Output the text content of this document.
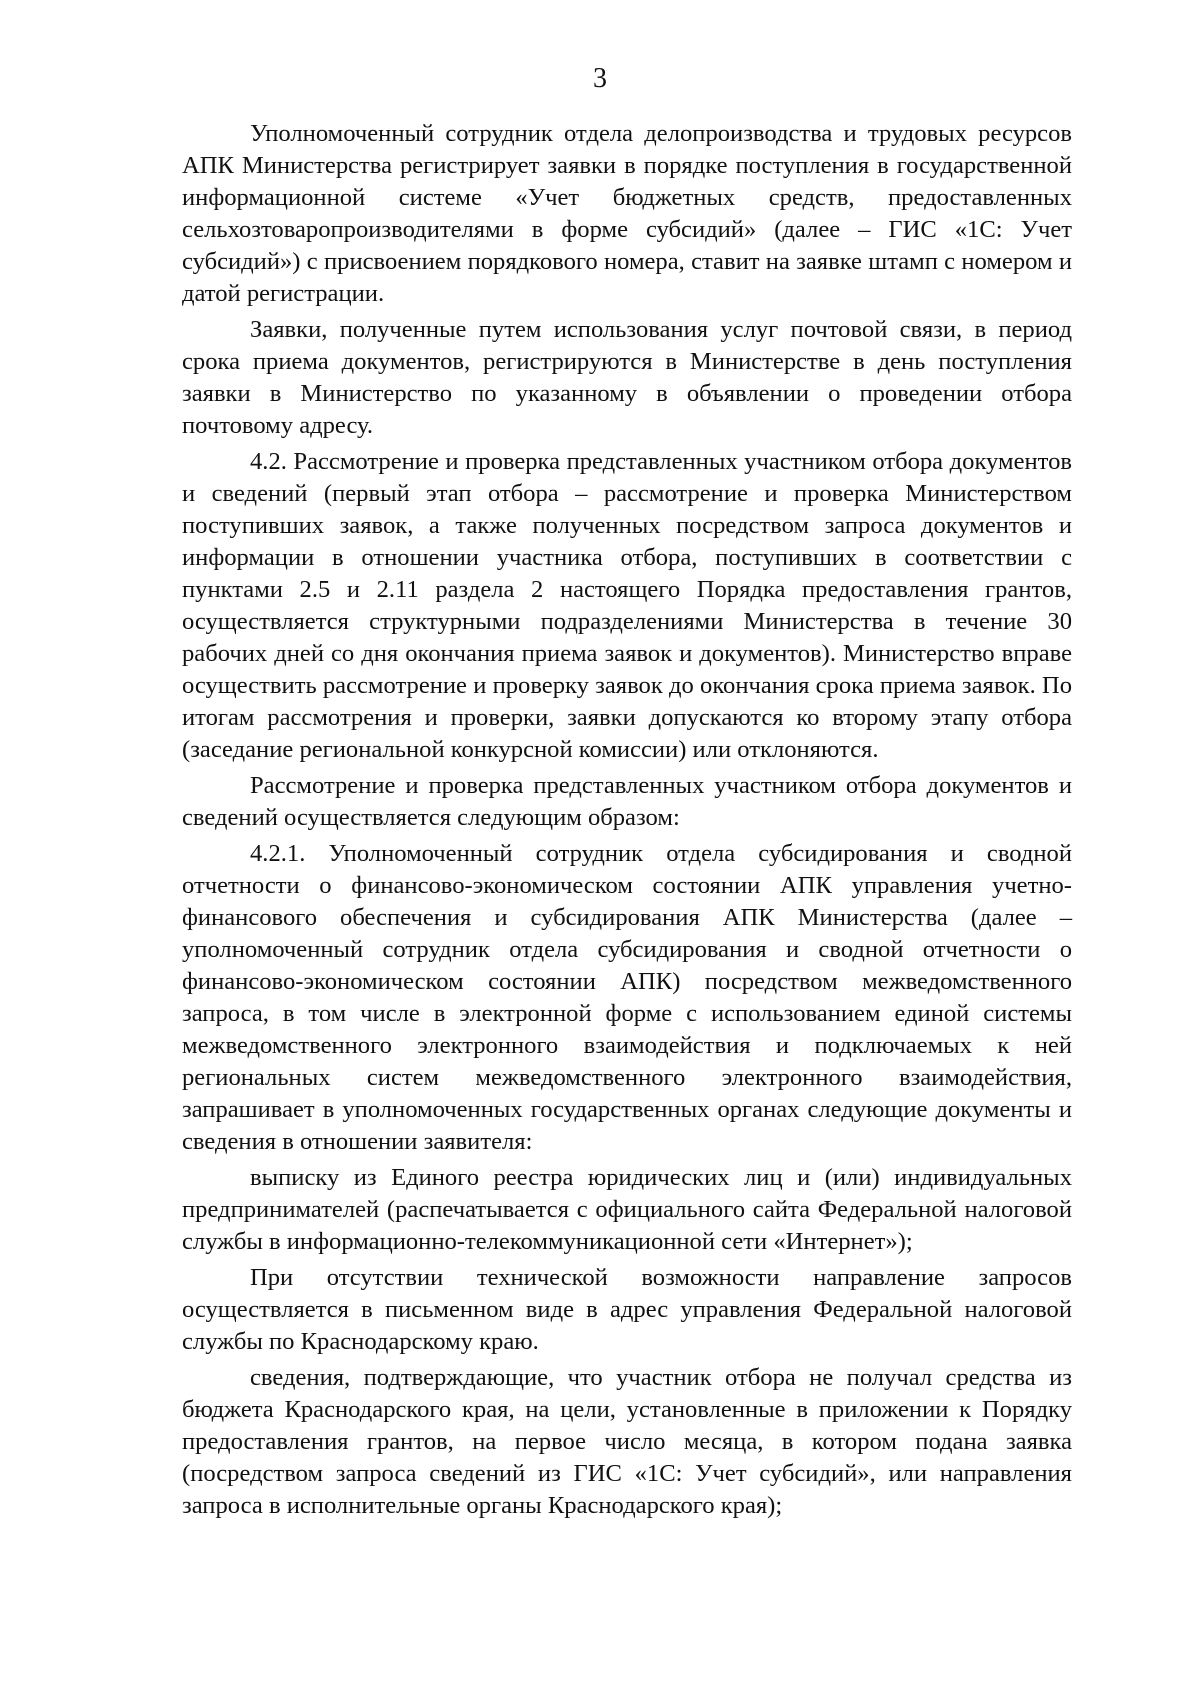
3

Уполномоченный сотрудник отдела делопроизводства и трудовых ресурсов АПК Министерства регистрирует заявки в порядке поступления в государственной информационной системе «Учет бюджетных средств, предоставленных сельхозтоваропроизводителями в форме субсидий» (далее – ГИС «1С: Учет субсидий») с присвоением порядкового номера, ставит на заявке штамп с номером и датой регистрации.

Заявки, полученные путем использования услуг почтовой связи, в период срока приема документов, регистрируются в Министерстве в день поступления заявки в Министерство по указанному в объявлении о проведении отбора почтовому адресу.

4.2. Рассмотрение и проверка представленных участником отбора документов и сведений (первый этап отбора – рассмотрение и проверка Министерством поступивших заявок, а также полученных посредством запроса документов и информации в отношении участника отбора, поступивших в соответствии с пунктами 2.5 и 2.11 раздела 2 настоящего Порядка предоставления грантов, осуществляется структурными подразделениями Министерства в течение 30 рабочих дней со дня окончания приема заявок и документов). Министерство вправе осуществить рассмотрение и проверку заявок до окончания срока приема заявок. По итогам рассмотрения и проверки, заявки допускаются ко второму этапу отбора (заседание региональной конкурсной комиссии) или отклоняются.

Рассмотрение и проверка представленных участником отбора документов и сведений осуществляется следующим образом:

4.2.1. Уполномоченный сотрудник отдела субсидирования и сводной отчетности о финансово-экономическом состоянии АПК управления учетно-финансового обеспечения и субсидирования АПК Министерства (далее –уполномоченный сотрудник отдела субсидирования и сводной отчетности о финансово-экономическом состоянии АПК) посредством межведомственного запроса, в том числе в электронной форме с использованием единой системы межведомственного электронного взаимодействия и подключаемых к ней региональных систем межведомственного электронного взаимодействия, запрашивает в уполномоченных государственных органах следующие документы и сведения в отношении заявителя:

выписку из Единого реестра юридических лиц и (или) индивидуальных предпринимателей (распечатывается с официального сайта Федеральной налоговой службы в информационно-телекоммуникационной сети «Интернет»);

При отсутствии технической возможности направление запросов осуществляется в письменном виде в адрес управления Федеральной налоговой службы по Краснодарскому краю.

сведения, подтверждающие, что участник отбора не получал средства из бюджета Краснодарского края, на цели, установленные в приложении к Порядку предоставления грантов, на первое число месяца, в котором подана заявка (посредством запроса сведений из ГИС «1С: Учет субсидий», или направления запроса в исполнительные органы Краснодарского края);
